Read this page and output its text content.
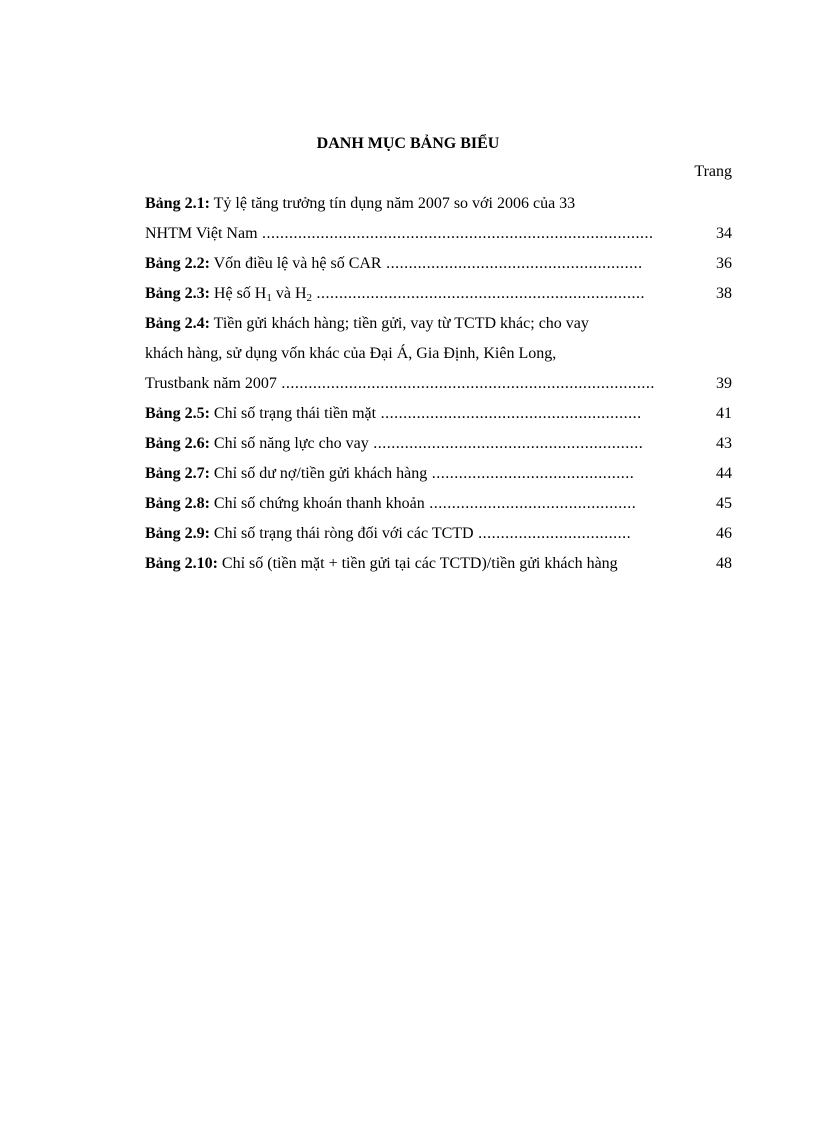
DANH MỤC BẢNG BIỂU
Trang
Bảng 2.1: Tỷ lệ tăng trưởng tín dụng năm 2007 so với 2006 của 33
NHTM Việt Nam .......................................................................................	34
Bảng 2.2: Vốn điều lệ và hệ số CAR .........................................................	36
Bảng 2.3: Hệ số $H_1$ và $H_2$ .........................................................................	38
Bảng 2.4: Tiền gửi khách hàng; tiền gửi, vay từ TCTD khác; cho vay
khách hàng, sử dụng vốn khác của Đại Á, Gia Định, Kiên Long,
Trustbank năm 2007 ...................................................................................	39
Bảng 2.5: Chỉ số trạng thái tiền mặt ..........................................................	41
Bảng 2.6: Chỉ số năng lực cho vay ............................................................	43
Bảng 2.7: Chỉ số dư nợ/tiền gửi khách hàng .............................................	44
Bảng 2.8: Chỉ số chứng khoán thanh khoản ..............................................	45
Bảng 2.9: Chỉ số trạng thái ròng đối với các TCTD ..................................	46
Bảng 2.10: Chỉ số (tiền mặt + tiền gửi tại các TCTD)/tiền gửi khách hàng	48
